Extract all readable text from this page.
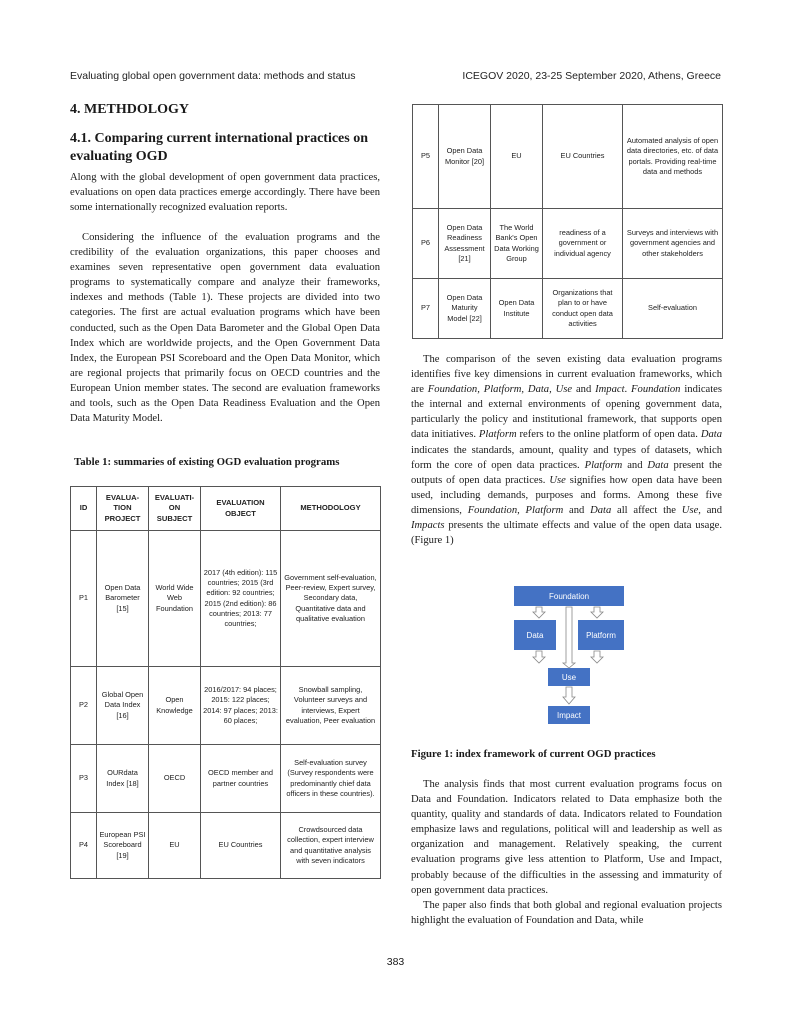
Evaluating global open government data: methods and status	ICEGOV 2020, 23-25 September 2020, Athens, Greece
4. METHDOLOGY
4.1. Comparing current international practices on evaluating OGD

Along with the global development of open government data practices, evaluations on open data practices emerge accordingly. There have been some internationally recognized evaluation reports.

Considering the influence of the evaluation programs and the credibility of the evaluation organizations, this paper chooses and examines seven representative open government data evaluation programs to systematically compare and analyze their frameworks, indexes and methods (Table 1). These projects are divided into two categories. The first are actual evaluation programs which have been conducted, such as the Open Data Barometer and the Global Open Data Index which are worldwide projects, and the Open Government Data Index, the European PSI Scoreboard and the Open Data Monitor, which are regional projects that primarily focus on OECD countries and the European Union member states. The second are evaluation frameworks and tools, such as the Open Data Readiness Evaluation and the Open Data Maturity Model.

Table 1: summaries of existing OGD evaluation programs

ID	EVALUA-TION PROJECT	EVALUATI-ON SUBJECT	EVALUATION OBJECT	METHODOLOGY
P1	Open Data Barometer [15]	World Wide Web Foundation	2017 (4th edition): 115 countries; 2015 (3rd edition: 92 countries; 2015 (2nd edition): 86 countries; 2013: 77 countries;	Government self-evaluation, Peer-review, Expert survey, Secondary data, Quantitative data and qualitative evaluation
P2	Global Open Data Index [16]	Open Knowledge	2016/2017: 94 places; 2015: 122 places; 2014: 97 places; 2013: 60 places;	Snowball sampling, Volunteer surveys and interviews, Expert evaluation, Peer evaluation
P3	OURdata Index [18]	OECD	OECD member and partner countries	Self-evaluation survey (Survey respondents were predominantly chief data officers in these countries).
P4	European PSI Scoreboard [19]	EU	EU Countries	Crowdsourced data collection, expert interview and quantitative analysis with seven indicators
P5	Open Data Monitor [20]	EU	EU Countries	Automated analysis of open data directories, etc. of data portals. Providing real-time data and methods
P6	Open Data Readiness Assessment [21]	The World Bank's Open Data Working Group	readiness of a government or individual agency	Surveys and interviews with government agencies and other stakeholders
P7	Open Data Maturity Model [22]	Open Data Institute	Organizations that plan to or have conduct open data activities	Self-evaluation

The comparison of the seven existing data evaluation programs identifies five key dimensions in current evaluation frameworks, which are Foundation, Platform, Data, Use and Impact. Foundation indicates the internal and external environments of opening government data, particularly the policy and institutional framework, that supports open data initiatives. Platform refers to the online platform of open data. Data indicates the standards, amount, quality and types of datasets, which form the core of open data practices. Platform and Data present the outputs of open data practices. Use signifies how open data have been used, including demands, purposes and forms. Among these five dimensions, Foundation, Platform and Data all affect the Use, and Impacts presents the ultimate effects and value of the open data usage. (Figure 1)

Foundation
Data	Platform
Use
Impact

Figure 1: index framework of current OGD practices

The analysis finds that most current evaluation programs focus on Data and Foundation. Indicators related to Data emphasize both the quantity, quality and standards of data. Indicators related to Foundation emphasize laws and regulations, political will and leadership as well as organization and management. Relatively speaking, the current evaluation programs give less attention to Platform, Use and Impact, probably because of the difficulties in the assessing and immaturity of open government data practices.

The paper also finds that both global and regional evaluation projects highlight the evaluation of Foundation and Data, while

383
